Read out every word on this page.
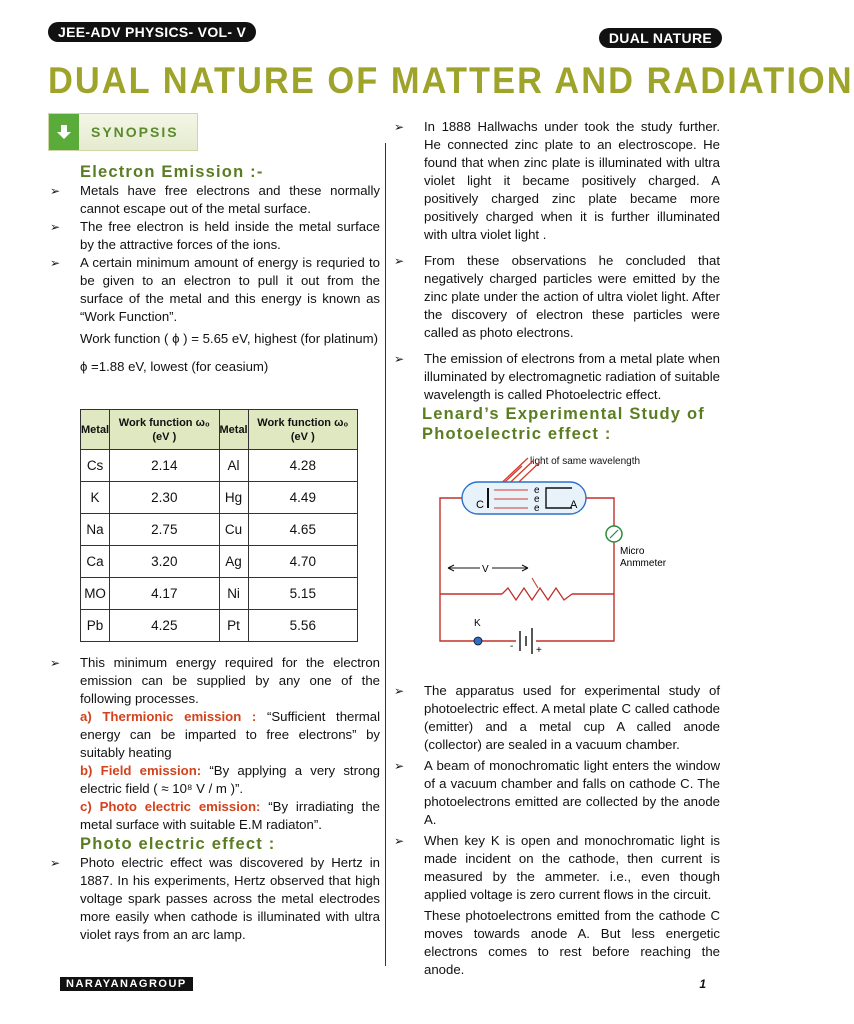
JEE-ADV PHYSICS- VOL- V	DUAL NATURE
DUAL NATURE OF MATTER AND RADIATION
SYNOPSIS
Electron Emission :-
➢ Metals have free electrons and these normally cannot escape out of the metal surface.
➢ The free electron is held inside the metal surface by the attractive forces of the ions.
➢ A certain minimum amount of energy is requried to be given to an electron to pull it out from the surface of the metal and this energy is known as “Work Function”.
Work function ( ϕ ) = 5.65 eV, highest (for platinum)
ϕ =1.88 eV, lowest (for ceasium)
Metal	Work function ω₀ (eV )	Metal	Work function ω₀ (eV )
Cs	2.14	Al	4.28
K	2.30	Hg	4.49
Na	2.75	Cu	4.65
Ca	3.20	Ag	4.70
MO	4.17	Ni	5.15
Pb	4.25	Pt	5.56
➢ This minimum energy required for the electron emission can be supplied by any one of the following processes.
a) Thermionic emission : “Sufficient thermal energy can be imparted to free electrons” by suitably heating
b) Field emission: “By applying a very strong electric field ( ≈ 10⁸ V / m )”.
c) Photo electric emission: “By irradiating the metal surface with suitable E.M radiaton”.
Photo electric effect :
➢ Photo electric effect was discovered by Hertz in 1887. In his experiments, Hertz observed that high voltage spark passes across the metal electrodes more easily when cathode is illuminated with ultra violet rays from an arc lamp.
➢ In 1888 Hallwachs under took the study further. He connected zinc plate to an electroscope. He found that when zinc plate is illuminated with ultra violet light it became positively charged. A positively charged zinc plate became more positively charged when it is further illuminated with ultra violet light .
➢ From these observations he concluded that negatively charged particles were emitted by the zinc plate under the action of ultra violet light. After the discovery of electron these particles were called as photo electrons.
➢ The emission of electrons from a metal plate when illuminated by electromagnetic radiation of suitable wavelength is called Photoelectric effect.
Lenard’s Experimental Study of Photoelectric effect :
light of same wavelength
C
e
e
e	A
Micro
Anmmeter
V
K
- +
➢ The apparatus used for experimental study of photoelectric effect. A metal plate C called cathode (emitter) and a metal cup A called anode (collector) are sealed in a vacuum chamber.
➢ A beam of monochromatic light enters the window of a vacuum chamber and falls on cathode C. The photoelectrons emitted are collected by the anode A.
➢ When key K is open and monochromatic light is made incident on the cathode, then current is measured by the ammeter. i.e., even though applied voltage is zero current flows in the circuit.
These photoelectrons emitted from the cathode C moves towards anode A. But less energetic electrons comes to rest before reaching the anode.
NARAYANAGROUP	1
